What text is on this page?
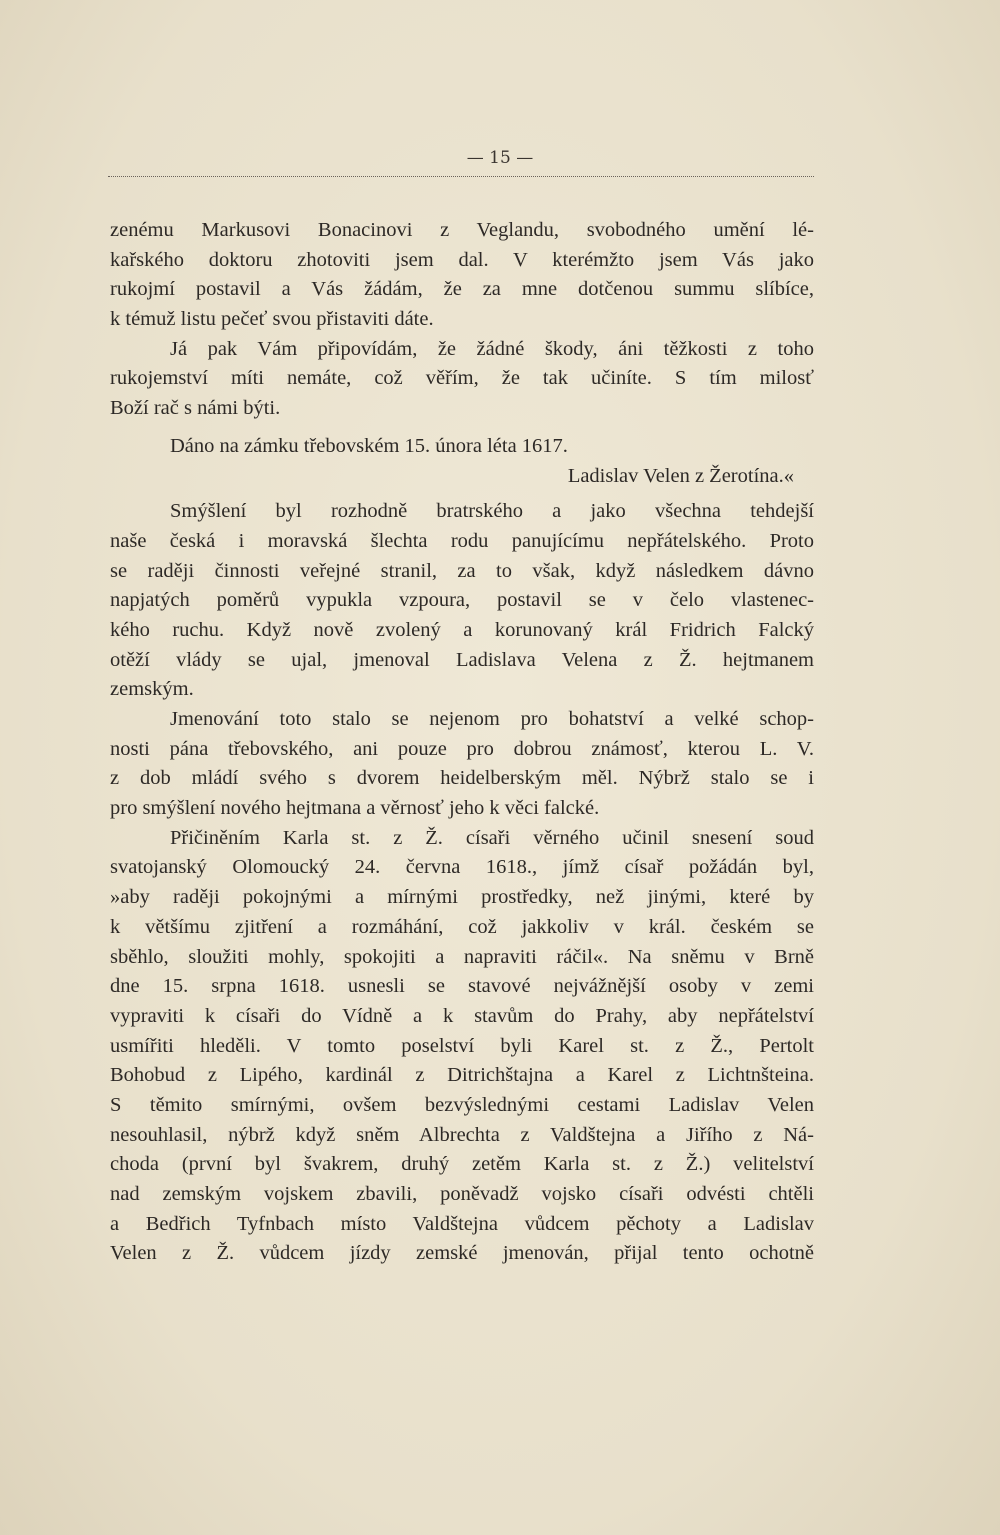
— 15 —
zenému Markusovi Bonacinovi z Veglandu, svobodného umění lé-
kařského doktoru zhotoviti jsem dal. V kterémžto jsem Vás jako
rukojmí postavil a Vás žádám, že za mne dotčenou summu slíbíce,
k témuž listu pečeť svou přistaviti dáte.
Já pak Vám připovídám, že žádné škody, áni těžkosti z toho
rukojemství míti nemáte, což věřím, že tak učiníte. S tím milosť
Boží rač s námi býti.
Dáno na zámku třebovském 15. února léta 1617.
Ladislav Velen z Žerotína.«
Smýšlení byl rozhodně bratrského a jako všechna tehdejší
naše česká i moravská šlechta rodu panujícímu nepřátelského. Proto
se raději činnosti veřejné stranil, za to však, když následkem dávno
napjatých poměrů vypukla vzpoura, postavil se v čelo vlastenec-
kého ruchu. Když nově zvolený a korunovaný král Fridrich Falcký
otěží vlády se ujal, jmenoval Ladislava Velena z Ž. hejtmanem
zemským.
Jmenování toto stalo se nejenom pro bohatství a velké schop-
nosti pána třebovského, ani pouze pro dobrou známosť, kterou L. V.
z dob mládí svého s dvorem heidelberským měl. Nýbrž stalo se i
pro smýšlení nového hejtmana a věrnosť jeho k věci falcké.
Přičiněním Karla st. z Ž. císaři věrného učinil snesení soud
svatojanský Olomoucký 24. června 1618., jímž císař požádán byl,
»aby raději pokojnými a mírnými prostředky, než jinými, které by
k většímu zjitření a rozmáhání, což jakkoliv v král. českém se
sběhlo, sloužiti mohly, spokojiti a napraviti ráčil«. Na sněmu v Brně
dne 15. srpna 1618. usnesli se stavové nejvážnější osoby v zemi
vypraviti k císaři do Vídně a k stavům do Prahy, aby nepřátelství
usmířiti hleděli. V tomto poselství byli Karel st. z Ž., Pertolt
Bohobud z Lipého, kardinál z Ditrichštajna a Karel z Lichtnšteina.
S těmito smírnými, ovšem bezvýslednými cestami Ladislav Velen
nesouhlasil, nýbrž když sněm Albrechta z Valdštejna a Jiřího z Ná-
choda (první byl švakrem, druhý zetěm Karla st. z Ž.) velitelství
nad zemským vojskem zbavili, poněvadž vojsko císaři odvésti chtěli
a Bedřich Tyfnbach místo Valdštejna vůdcem pěchoty a Ladislav
Velen z Ž. vůdcem jízdy zemské jmenován, přijal tento ochotně
